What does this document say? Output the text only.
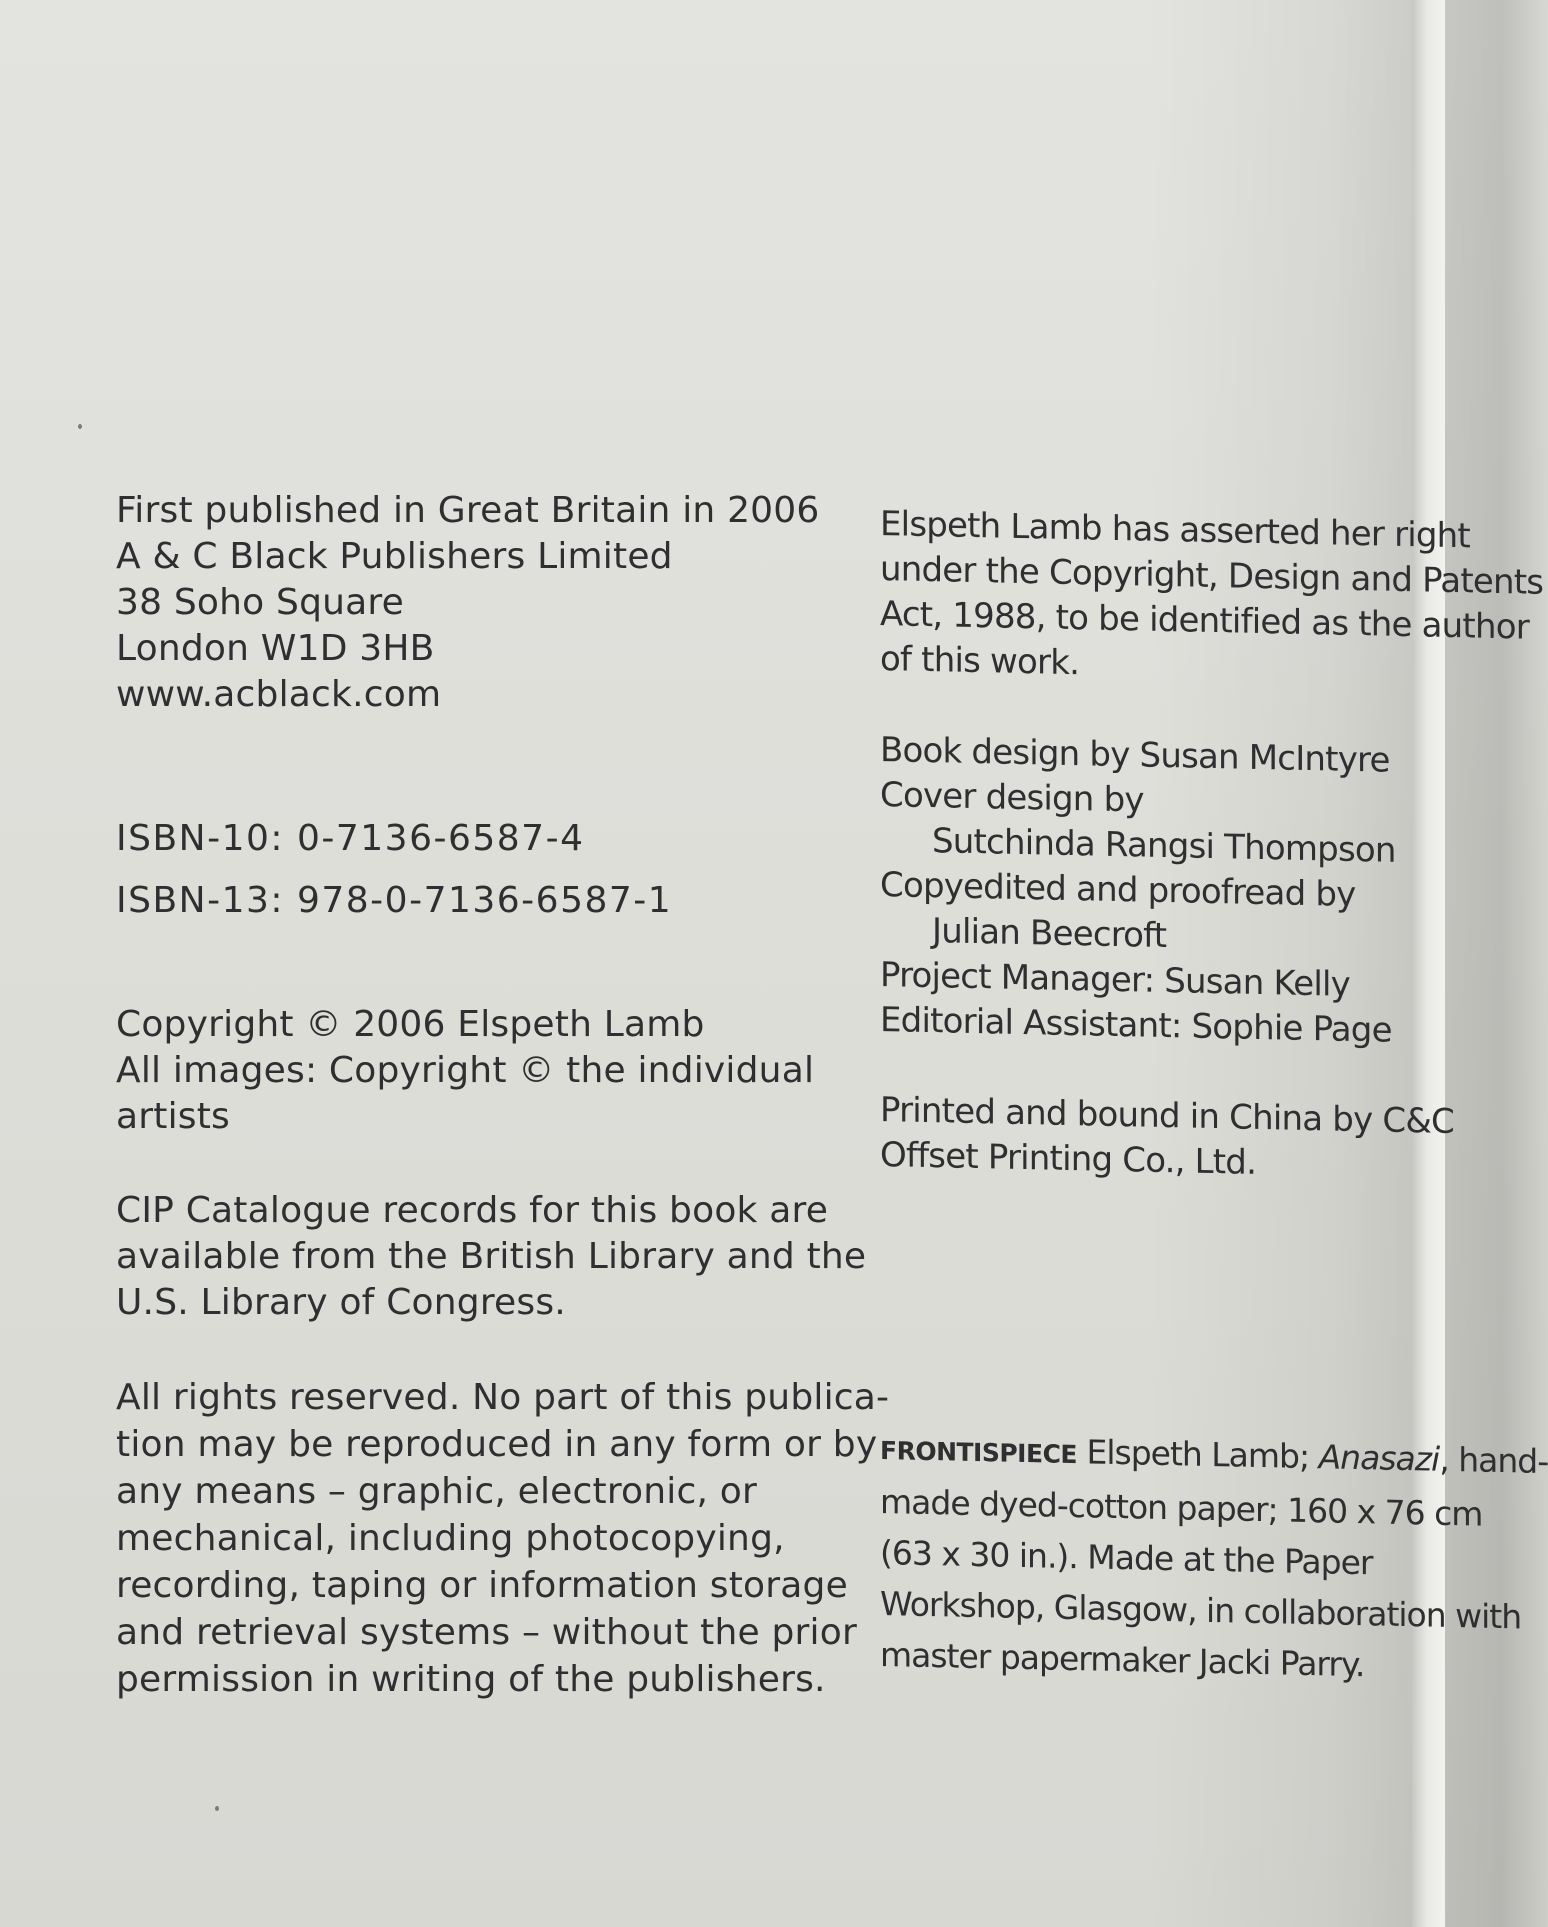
First published in Great Britain in 2006
A & C Black Publishers Limited
38 Soho Square
London W1D 3HB
www.acblack.com
ISBN-10: 0-7136-6587-4
ISBN-13: 978-0-7136-6587-1
Copyright © 2006 Elspeth Lamb
All images: Copyright © the individual
artists
CIP Catalogue records for this book are
available from the British Library and the
U.S. Library of Congress.
All rights reserved. No part of this publica-
tion may be reproduced in any form or by
any means – graphic, electronic, or
mechanical, including photocopying,
recording, taping or information storage
and retrieval systems – without the prior
permission in writing of the publishers.
Elspeth Lamb has asserted her right
under the Copyright, Design and Patents
Act, 1988, to be identified as the author
of this work.
Book design by Susan McIntyre
Cover design by
Sutchinda Rangsi Thompson
Copyedited and proofread by
Julian Beecroft
Project Manager: Susan Kelly
Editorial Assistant: Sophie Page
Printed and bound in China by C&C
Offset Printing Co., Ltd.
FRONTISPIECE Elspeth Lamb; Anasazi, hand-
made dyed-cotton paper; 160 x 76 cm
(63 x 30 in.). Made at the Paper
Workshop, Glasgow, in collaboration with
master papermaker Jacki Parry.
